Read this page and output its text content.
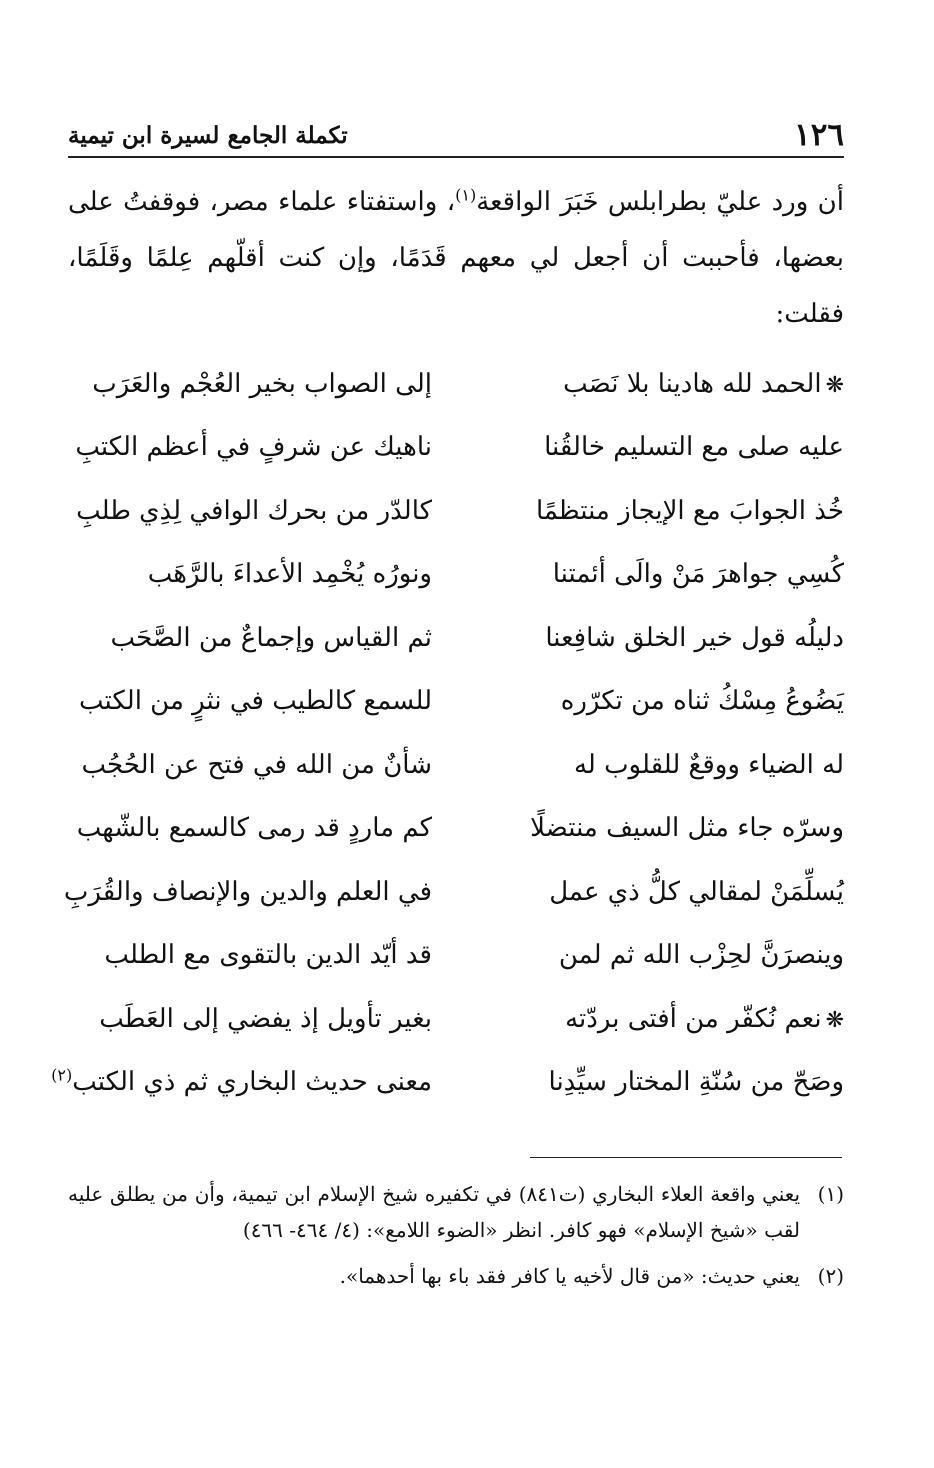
١٢٦
تكملة الجامع لسيرة ابن تيمية

أن ورد عليّ بطرابلس خَبَرَ الواقعة$^{(١)}$، واستفتاء علماء مصر، فوقفتُ على بعضها، فأحببت أن أجعل لي معهم قَدَمًا، وإن كنت أقلّهم عِلمًا وقَلَمًا، فقلت:

❋الحمد لله هادينا بلا نَصَب
إلى الصواب بخير العُجْم والعَرَب
عليه صلى مع التسليم خالقُنا
ناهيك عن شرفٍ في أعظم الكتبِ
خُذ الجوابَ مع الإيجاز منتظمًا
كالدّر من بحرك الوافي لِذِي طلبِ
كُسِي جواهرَ مَنْ والَى أئمتنا
ونورُه يُخْمِد الأعداءَ بالرَّهَب
دليلُه قول خير الخلق شافِعنا
ثم القياس وإجماعٌ من الصَّحَب
يَضُوعُ مِسْكُ ثناه من تكرّره
للسمع كالطيب في نثرٍ من الكتب
له الضياء ووقعٌ للقلوب له
شأنٌ من الله في فتح عن الحُجُب
وسرّه جاء مثل السيف منتضلًا
كم ماردٍ قد رمى كالسمع بالشّهب
يُسلِّمَنْ لمقالي كلُّ ذي عمل
في العلم والدين والإنصاف والقُرَبِ
وينصرَنَّ لحِزْب الله ثم لمن
قد أيّد الدين بالتقوى مع الطلب
❋نعم نُكفّر من أفتى بردّته
بغير تأويل إذ يفضي إلى العَطَب
وصَحّ من سُنّةِ المختار سيِّدِنا
معنى حديث البخاري ثم ذي الكتب$^{(٢)}$

(١)
يعني واقعة العلاء البخاري (ت٨٤١) في تكفيره شيخ الإسلام ابن تيمية، وأن من يطلق عليه لقب «شيخ الإسلام» فهو كافر. انظر «الضوء اللامع»: (٤/ ٤٦٤- ٤٦٦)

(٢)
يعني حديث: «من قال لأخيه يا كافر فقد باء بها أحدهما».
